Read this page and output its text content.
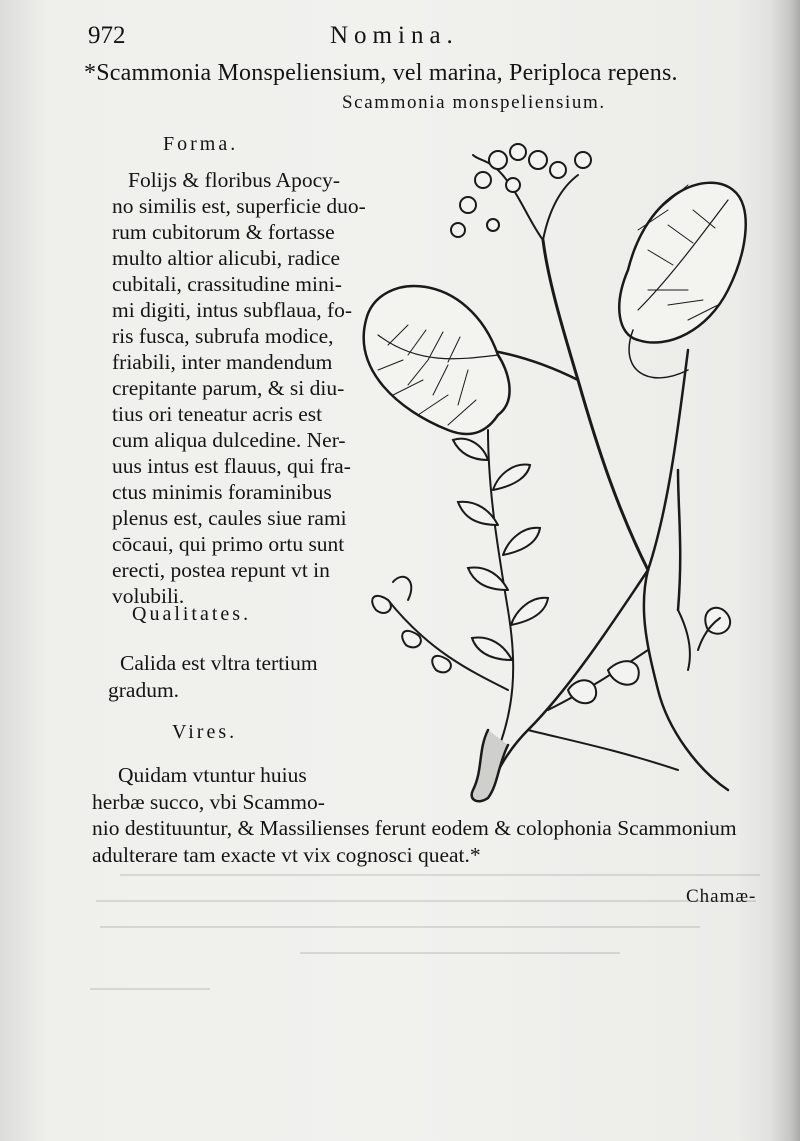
972	Nomina.
*Scammonia Monspeliensium, vel marina, Periploca repens.
Scammonia monspeliensium.
Forma.
Folijs & floribus Apocy-
no similis est, superficie duo-
rum cubitorum & fortasse
multo altior alicubi, radice
cubitali, crassitudine mini-
mi digiti, intus subflaua, fo-
ris fusca, subrufa modice,
friabili, inter mandendum
crepitante parum, & si diu-
tius ori teneatur acris est
cum aliqua dulcedine. Ner-
uus intus est flauus, qui fra-
ctus minimis foraminibus
plenus est, caules siue rami
cōcaui, qui primo ortu sunt
erecti, postea repunt vt in
volubili.
Qualitates.
Calida est vltra tertium
gradum.
Vires.
Quidam vtuntur huius
herbæ succo, vbi Scammo-
nio destituuntur, & Massilienses ferunt eodem & colophonia Scammonium
adulterare tam exacte vt vix cognosci queat.*
Chamæ-
